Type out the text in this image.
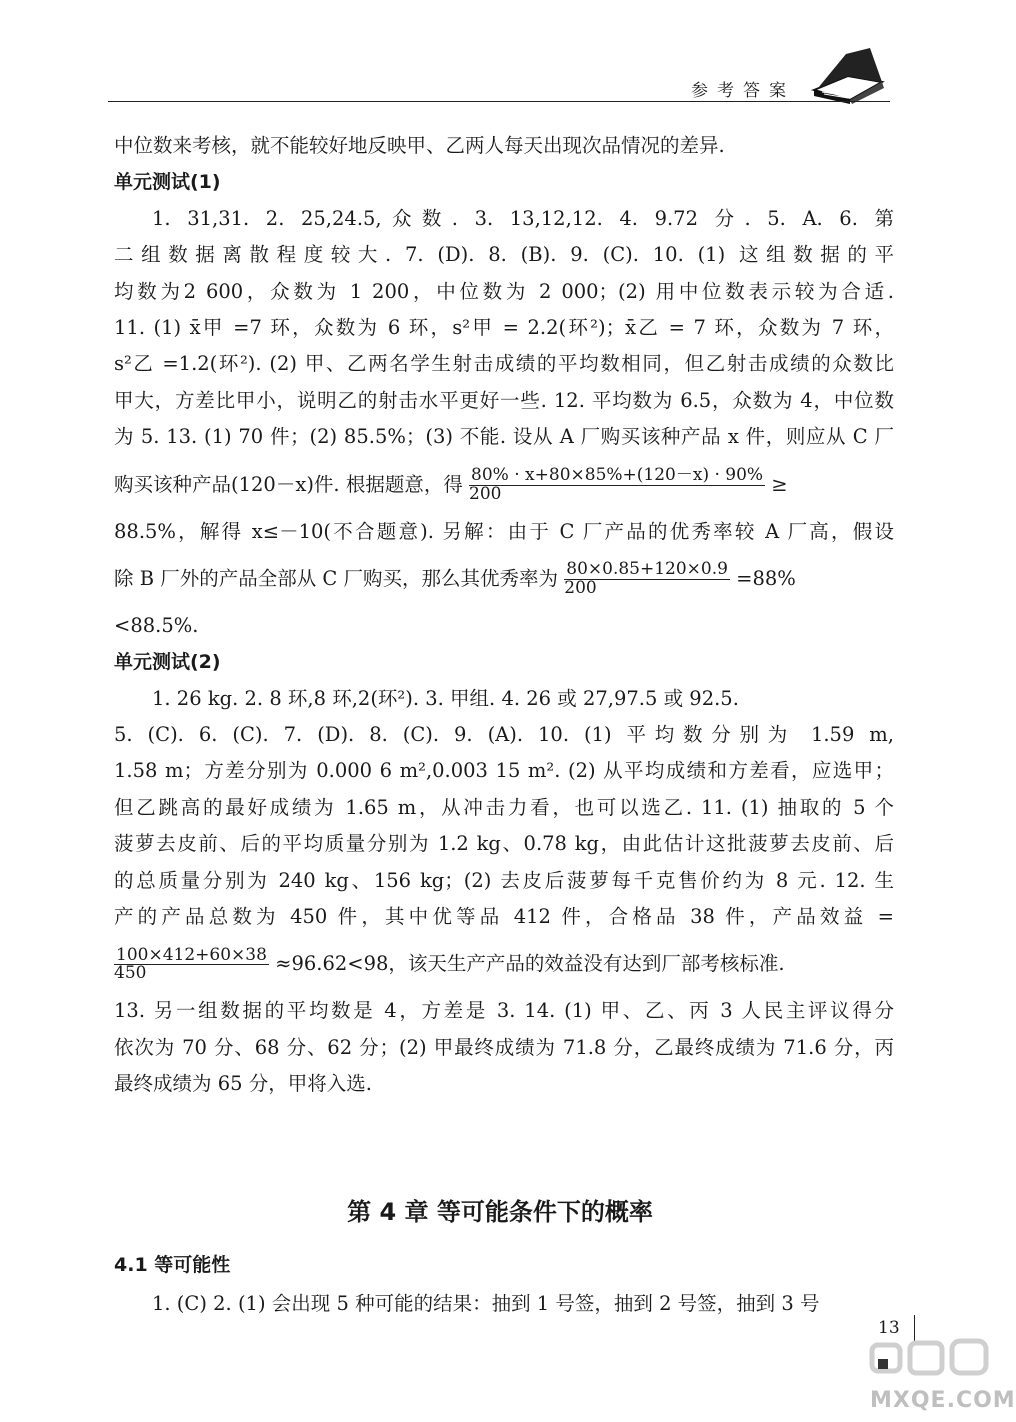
参考答案
中位数来考核，就不能较好地反映甲、乙两人每天出现次品情况的差异.
单元测试(1)
1. 31,31. 2. 25,24.5,众数. 3. 13,12,12. 4. 9.72 分. 5. A. 6. 第
二组数据离散程度较大. 7. (D). 8. (B). 9. (C). 10. (1) 这组数据的平
均数为2 600，众数为 1 200，中位数为 2 000；(2) 用中位数表示较为合适.
11. (1) x̄甲 =7 环，众数为 6 环，s²甲 = 2.2(环²)；x̄乙 = 7 环，众数为 7 环，
s²乙 =1.2(环²). (2) 甲、乙两名学生射击成绩的平均数相同，但乙射击成绩的众数比
甲大，方差比甲小，说明乙的射击水平更好一些. 12. 平均数为 6.5，众数为 4，中位数
为 5. 13. (1) 70 件；(2) 85.5%；(3) 不能. 设从 A 厂购买该种产品 x 件，则应从 C 厂
购买该种产品(120－x)件. 根据题意，得 $\frac{80\% \cdot x+80\times 85\%+(120-x) \cdot 90\%}{200}$ ≥
88.5%，解得 x≤－10(不合题意). 另解：由于 C 厂产品的优秀率较 A 厂高，假设
除 B 厂外的产品全部从 C 厂购买，那么其优秀率为 $\frac{80\times 0.85+120\times 0.9}{200} =88\%$
<88.5%.
单元测试(2)
1. 26 kg. 2. 8 环,8 环,2(环²). 3. 甲组. 4. 26 或 27,97.5 或 92.5.
5. (C). 6. (C). 7. (D). 8. (C). 9. (A). 10. (1) 平均数分别为 1.59 m,
1.58 m；方差分别为 0.000 6 m²,0.003 15 m². (2) 从平均成绩和方差看，应选甲；
但乙跳高的最好成绩为 1.65 m，从冲击力看，也可以选乙. 11. (1) 抽取的 5 个
菠萝去皮前、后的平均质量分别为 1.2 kg、0.78 kg，由此估计这批菠萝去皮前、后
的总质量分别为 240 kg、156 kg；(2) 去皮后菠萝每千克售价约为 8 元. 12. 生
产的产品总数为 450 件，其中优等品 412 件，合格品 38 件，产品效益 =
$\frac{100\times 412+60\times 38}{450} \approx 96.62<98$，该天生产产品的效益没有达到厂部考核标准.
13. 另一组数据的平均数是 4，方差是 3. 14. (1) 甲、乙、丙 3 人民主评议得分
依次为 70 分、68 分、62 分；(2) 甲最终成绩为 71.8 分，乙最终成绩为 71.6 分，丙
最终成绩为 65 分，甲将入选.
第 4 章 等可能条件下的概率
4.1 等可能性
1. (C) 2. (1) 会出现 5 种可能的结果：抽到 1 号签，抽到 2 号签，抽到 3 号
13
MXQE.COM
